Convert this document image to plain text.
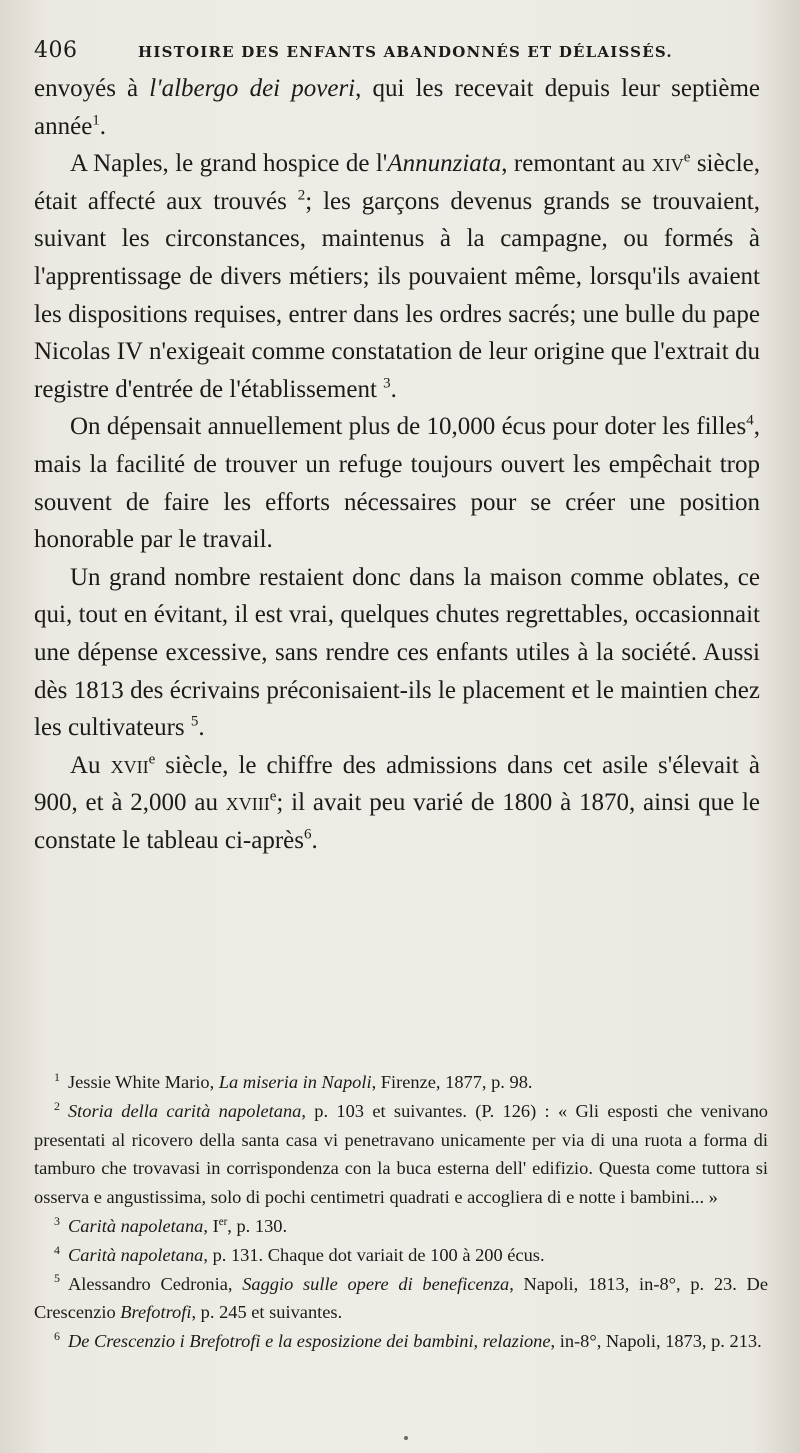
406	HISTOIRE DES ENFANTS ABANDONNÉS ET DÉLAISSÉS.

envoyés à l'albergo dei poveri, qui les recevait depuis leur septième année$^1$.

A Naples, le grand hospice de l'Annunziata, remontant au xiv$^e$ siècle, était affecté aux trouvés $^2$; les garçons devenus grands se trouvaient, suivant les circonstances, maintenus à la campagne, ou formés à l'apprentissage de divers métiers; ils pouvaient même, lorsqu'ils avaient les dispositions requises, entrer dans les ordres sacrés; une bulle du pape Nicolas IV n'exigeait comme constatation de leur origine que l'extrait du registre d'entrée de l'établissement $^3$.

On dépensait annuellement plus de 10,000 écus pour doter les filles$^4$, mais la facilité de trouver un refuge toujours ouvert les empêchait trop souvent de faire les efforts nécessaires pour se créer une position honorable par le travail.

Un grand nombre restaient donc dans la maison comme oblates, ce qui, tout en évitant, il est vrai, quelques chutes regrettables, occasionnait une dépense excessive, sans rendre ces enfants utiles à la société. Aussi dès 1813 des écrivains préconisaient-ils le placement et le maintien chez les cultivateurs $^5$.

Au xvii$^e$ siècle, le chiffre des admissions dans cet asile s'élevait à 900, et à 2,000 au xviii$^e$; il avait peu varié de 1800 à 1870, ainsi que le constate le tableau ci-après$^6$.

$^1$ Jessie White Mario, La miseria in Napoli, Firenze, 1877, p. 98.

$^2$ Storia della carità napoletana, p. 103 et suivantes. (P. 126) : « Gli esposti che venivano presentati al ricovero della santa casa vi penetravano unicamente per via di una ruota a forma di tamburo che trovavasi in corrispondenza con la buca esterna dell' edifizio. Questa come tuttora si osserva e angustissima, solo di pochi centimetri quadrati e accogliera di e notte i bambini... »

$^3$ Carità napoletana, Ier, p. 130.

$^4$ Carità napoletana, p. 131. Chaque dot variait de 100 à 200 écus.

$^5$ Alessandro Cedronia, Saggio sulle opere di beneficenza, Napoli, 1813, in-8°, p. 23. De Crescenzio Brefotrofi, p. 245 et suivantes.

$^6$ De Crescenzio i Brefotrofi e la esposizione dei bambini, relazione, in-8°, Napoli, 1873, p. 213.
